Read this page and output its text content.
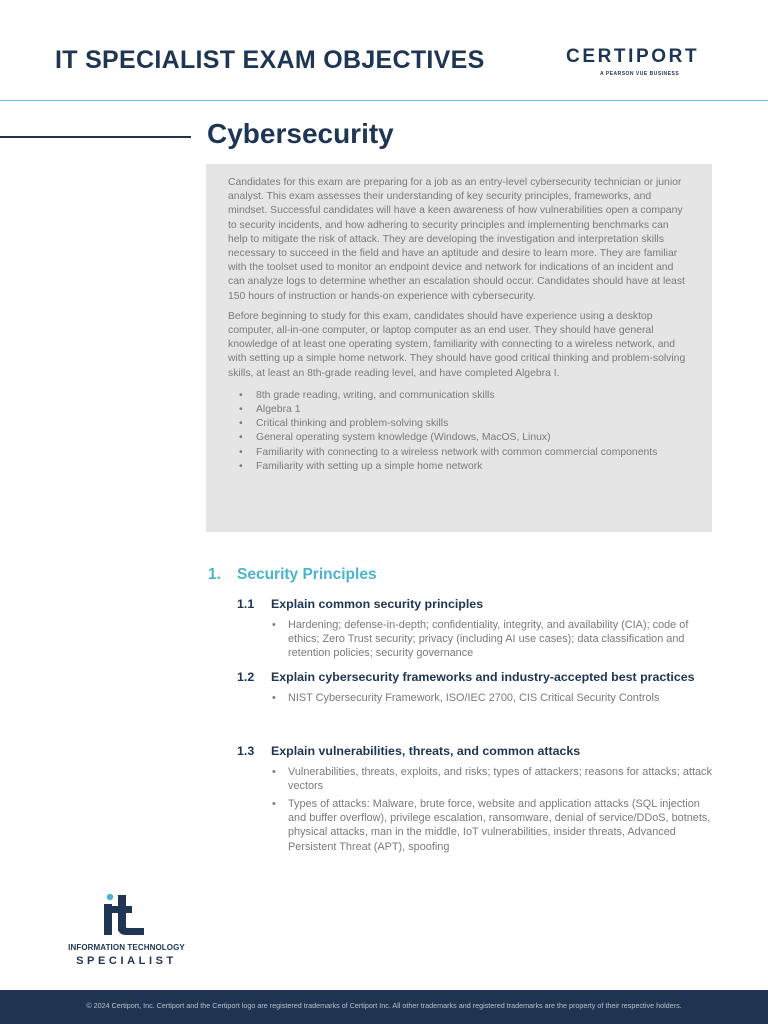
IT SPECIALIST EXAM OBJECTIVES	CERTIPORT
A PEARSON VUE BUSINESS
Cybersecurity

Candidates for this exam are preparing for a job as an entry-level cybersecurity technician or junior analyst. This exam assesses their understanding of key security principles, frameworks, and mindset. Successful candidates will have a keen awareness of how vulnerabilities open a company to security incidents, and how adhering to security principles and implementing benchmarks can help to mitigate the risk of attack. They are developing the investigation and interpretation skills necessary to succeed in the field and have an aptitude and desire to learn more. They are familiar with the toolset used to monitor an endpoint device and network for indications of an incident and can analyze logs to determine whether an escalation should occur. Candidates should have at least 150 hours of instruction or hands-on experience with cybersecurity.

Before beginning to study for this exam, candidates should have experience using a desktop computer, all-in-one computer, or laptop computer as an end user. They should have general knowledge of at least one operating system, familiarity with connecting to a wireless network, and with setting up a simple home network. They should have good critical thinking and problem-solving skills, at least an 8th-grade reading level, and have completed Algebra I.

• 8th grade reading, writing, and communication skills
• Algebra 1
• Critical thinking and problem-solving skills
• General operating system knowledge (Windows, MacOS, Linux)
• Familiarity with connecting to a wireless network with common commercial components
• Familiarity with setting up a simple home network
1. Security Principles
1.1 Explain common security principles
• Hardening; defense-in-depth; confidentiality, integrity, and availability (CIA); code of ethics; Zero Trust security; privacy (including AI use cases); data classification and retention policies; security governance
1.2 Explain cybersecurity frameworks and industry-accepted best practices
• NIST Cybersecurity Framework, ISO/IEC 2700, CIS Critical Security Controls
1.3 Explain vulnerabilities, threats, and common attacks
• Vulnerabilities, threats, exploits, and risks; types of attackers; reasons for attacks; attack vectors
• Types of attacks: Malware, brute force, website and application attacks (SQL injection and buffer overflow), privilege escalation, ransomware, denial of service/DDoS, botnets, physical attacks, man in the middle, IoT vulnerabilities, insider threats, Advanced Persistent Threat (APT), spoofing
INFORMATION TECHNOLOGY
SPECIALIST
© 2024 Certiport, Inc. Certiport and the Certiport logo are registered trademarks of Certiport Inc. All other trademarks and registered trademarks are the property of their respective holders.
